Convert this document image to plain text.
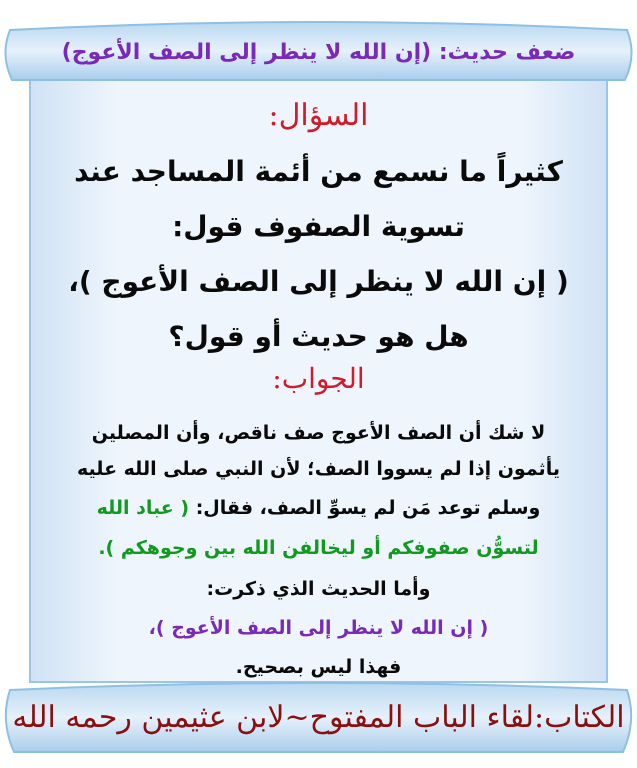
ضعف حديث: (إن الله لا ينظر إلى الصف الأعوج)
السؤال:
كثيراً ما نسمع من أئمة المساجد عند
تسوية الصفوف قول:
( إن الله لا ينظر إلى الصف الأعوج )،
هل هو حديث أو قول؟
الجواب:
لا شك أن الصف الأعوج صف ناقص، وأن المصلين
يأثمون إذا لم يسووا الصف؛ لأن النبي صلى الله عليه
وسلم توعد مَن لم يسوِّ الصف، فقال: ( عباد الله
لتسوُّن صفوفكم أو ليخالفن الله بين وجوهكم ).
وأما الحديث الذي ذكرت:
( إن الله لا ينظر إلى الصف الأعوج )،
فهذا ليس بصحيح.
الكتاب:لقاء الباب المفتوح~لابن عثيمين رحمه الله
